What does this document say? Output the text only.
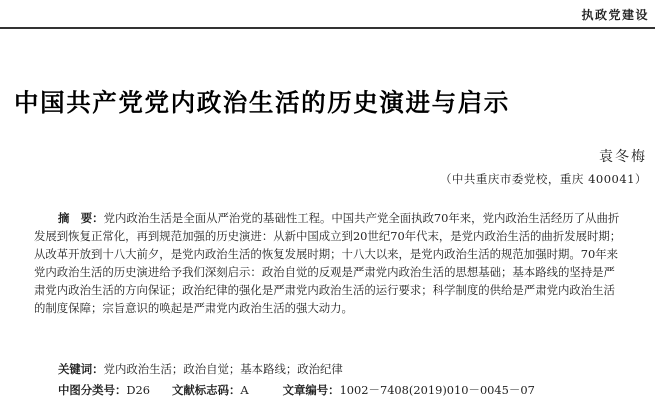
执政党建设
中国共产党党内政治生活的历史演进与启示
袁冬梅
（中共重庆市委党校，重庆 400041）

摘　要：党内政治生活是全面从严治党的基础性工程。中国共产党全面执政70年来，党内政治生活经历了从曲折发展到恢复正常化，再到规范加强的历史演进：从新中国成立到20世纪70年代末，是党内政治生活的曲折发展时期；从改革开放到十八大前夕，是党内政治生活的恢复发展时期；十八大以来，是党内政治生活的规范加强时期。70年来党内政治生活的历史演进给予我们深刻启示：政治自觉的反观是严肃党内政治生活的思想基础；基本路线的坚持是严肃党内政治生活的方向保证；政治纪律的强化是严肃党内政治生活的运行要求；科学制度的供给是严肃党内政治生活的制度保障；宗旨意识的唤起是严肃党内政治生活的强大动力。

关键词：党内政治生活；政治自觉；基本路线；政治纪律
中图分类号：D26 文献标志码：A	文章编号：1002－7408(2019)010－0045－07
